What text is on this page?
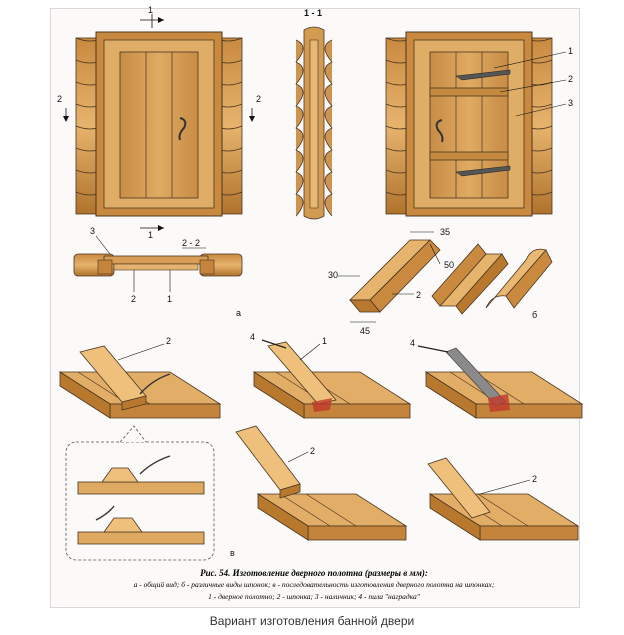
1
2	2
1
1 - 1
1
2
3
3
2 - 2
2	1
а
35
50
30
45
2
б
2	4	1	4
в
2
2
Рис. 54. Изготовление дверного полотна (размеры в мм):
а - общий вид; б - различные виды шпонок; в - последовательность изготовления дверного полотна на шпонках;
1 - дверное полотно; 2 - шпонка; 3 - наличник; 4 - пила "наградка"
Вариант изготовления банной двери
